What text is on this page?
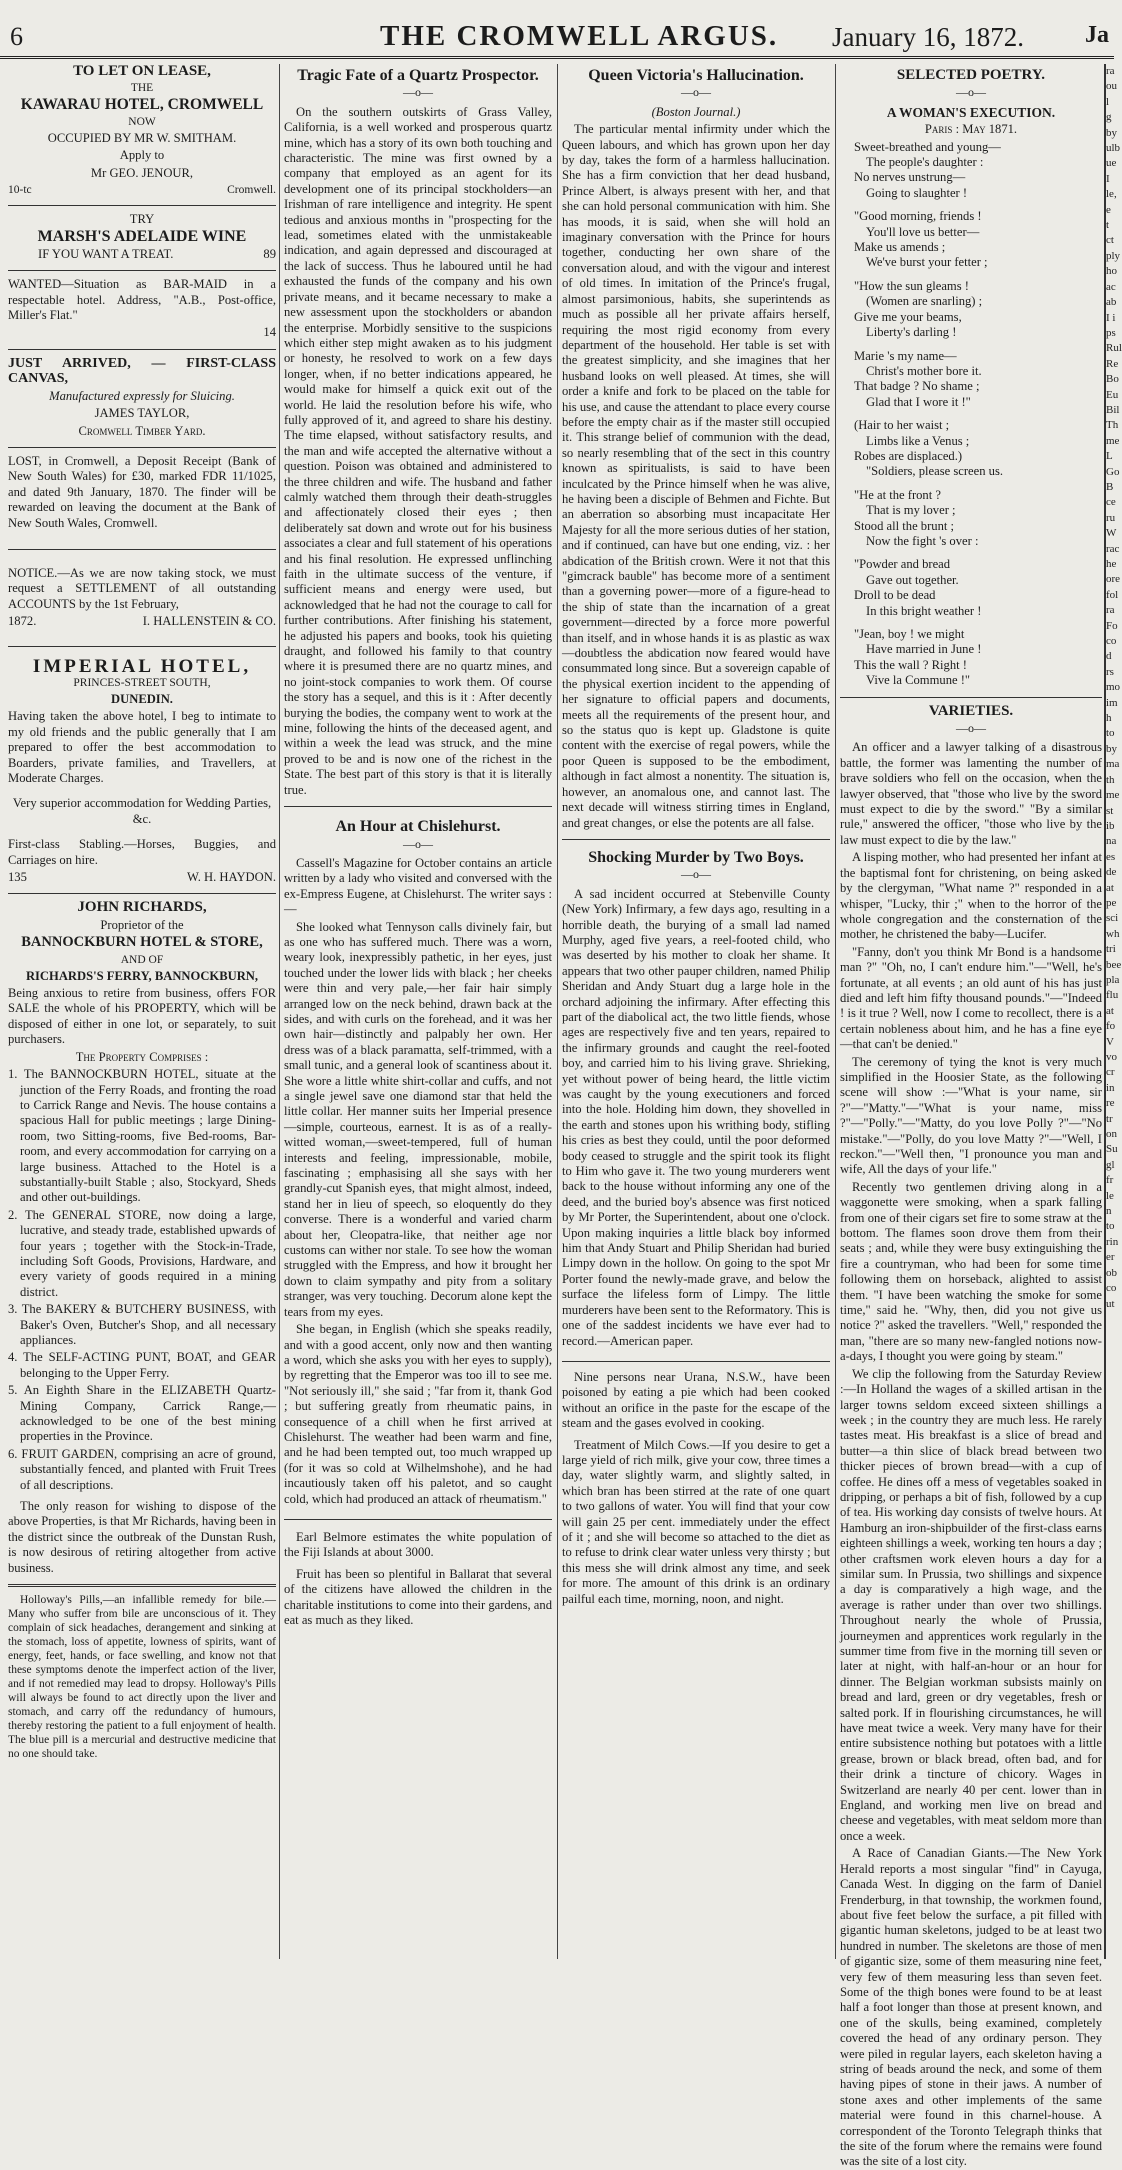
6	THE CROMWELL ARGUS. January 16, 1872.	Ja

TO LET ON LEASE,

THE

KAWARAU HOTEL, CROMWELL

NOW

OCCUPIED BY MR W. SMITHAM.

Apply to

Mr GEO. JENOUR,

10-tc	Cromwell.

TRY

MARSH'S ADELAIDE WINE

IF YOU WANT A TREAT.	89

WANTED—Situation as BAR-MAID in a respectable hotel. Address, "A.B., Post-office, Miller's Flat."

14

JUST ARRIVED, — FIRST-CLASS CANVAS,

Manufactured expressly for Sluicing.

JAMES TAYLOR,

Cromwell Timber Yard.

LOST, in Cromwell, a Deposit Receipt (Bank of New South Wales) for £30, marked FDR 11/1025, and dated 9th January, 1870. The finder will be rewarded on leaving the document at the Bank of New South Wales, Cromwell.

NOTICE.—As we are now taking stock, we must request a SETTLEMENT of all outstanding ACCOUNTS by the 1st February,

1872.	I. HALLENSTEIN & CO.

IMPERIAL HOTEL,

PRINCES-STREET SOUTH,

DUNEDIN.

Having taken the above hotel, I beg to intimate to my old friends and the public generally that I am prepared to offer the best accommodation to Boarders, private families, and Travellers, at Moderate Charges.

Very superior accommodation for Wedding Parties, &c.

First-class Stabling.—Horses, Buggies, and Carriages on hire.

135	W. H. HAYDON.

JOHN RICHARDS,

Proprietor of the

BANNOCKBURN HOTEL & STORE,

AND OF

RICHARDS'S FERRY, BANNOCKBURN,

Being anxious to retire from business, offers FOR SALE the whole of his PROPERTY, which will be disposed of either in one lot, or separately, to suit purchasers.

The Property Comprises :

1. The BANNOCKBURN HOTEL, situate at the junction of the Ferry Roads, and fronting the road to Carrick Range and Nevis. The house contains a spacious Hall for public meetings ; large Dining-room, two Sitting-rooms, five Bed-rooms, Bar-room, and every accommodation for carrying on a large business. Attached to the Hotel is a substantially-built Stable ; also, Stockyard, Sheds and other out-buildings.

2. The GENERAL STORE, now doing a large, lucrative, and steady trade, established upwards of four years ; together with the Stock-in-Trade, including Soft Goods, Provisions, Hardware, and every variety of goods required in a mining district.

3. The BAKERY & BUTCHERY BUSINESS, with Baker's Oven, Butcher's Shop, and all necessary appliances.

4. The SELF-ACTING PUNT, BOAT, and GEAR belonging to the Upper Ferry.

5. An Eighth Share in the ELIZABETH Quartz-Mining Company, Carrick Range,—acknowledged to be one of the best mining properties in the Province.

6. FRUIT GARDEN, comprising an acre of ground, substantially fenced, and planted with Fruit Trees of all descriptions.

The only reason for wishing to dispose of the above Properties, is that Mr Richards, having been in the district since the outbreak of the Dunstan Rush, is now desirous of retiring altogether from active business.

Holloway's Pills,—an infallible remedy for bile.—Many who suffer from bile are unconscious of it. They complain of sick headaches, derangement and sinking at the stomach, loss of appetite, lowness of spirits, want of energy, feet, hands, or face swelling, and know not that these symptoms denote the imperfect action of the liver, and if not remedied may lead to dropsy. Holloway's Pills will always be found to act directly upon the liver and stomach, and carry off the redundancy of humours, thereby restoring the patient to a full enjoyment of health. The blue pill is a mercurial and destructive medicine that no one should take.

Tragic Fate of a Quartz Prospector.

—o—

On the southern outskirts of Grass Valley, California, is a well worked and prosperous quartz mine, which has a story of its own both touching and characteristic. The mine was first owned by a company that employed as an agent for its development one of its principal stockholders—an Irishman of rare intelligence and integrity. He spent tedious and anxious months in "prospecting for the lead, sometimes elated with the unmistakeable indication, and again depressed and discouraged at the lack of success. Thus he laboured until he had exhausted the funds of the company and his own private means, and it became necessary to make a new assessment upon the stockholders or abandon the enterprise. Morbidly sensitive to the suspicions which either step might awaken as to his judgment or honesty, he resolved to work on a few days longer, when, if no better indications appeared, he would make for himself a quick exit out of the world. He laid the resolution before his wife, who fully approved of it, and agreed to share his destiny. The time elapsed, without satisfactory results, and the man and wife accepted the alternative without a question. Poison was obtained and administered to the three children and wife. The husband and father calmly watched them through their death-struggles and affectionately closed their eyes ; then deliberately sat down and wrote out for his business associates a clear and full statement of his operations and his final resolution. He expressed unflinching faith in the ultimate success of the venture, if sufficient means and energy were used, but acknowledged that he had not the courage to call for further contributions. After finishing his statement, he adjusted his papers and books, took his quieting draught, and followed his family to that country where it is presumed there are no quartz mines, and no joint-stock companies to work them. Of course the story has a sequel, and this is it : After decently burying the bodies, the company went to work at the mine, following the hints of the deceased agent, and within a week the lead was struck, and the mine proved to be and is now one of the richest in the State. The best part of this story is that it is literally true.

An Hour at Chislehurst.

—o—

Cassell's Magazine for October contains an article written by a lady who visited and conversed with the ex-Empress Eugene, at Chislehurst. The writer says :—

She looked what Tennyson calls divinely fair, but as one who has suffered much. There was a worn, weary look, inexpressibly pathetic, in her eyes, just touched under the lower lids with black ; her cheeks were thin and very pale,—her fair hair simply arranged low on the neck behind, drawn back at the sides, and with curls on the forehead, and it was her own hair—distinctly and palpably her own. Her dress was of a black paramatta, self-trimmed, with a small tunic, and a general look of scantiness about it. She wore a little white shirt-collar and cuffs, and not a single jewel save one diamond star that held the little collar. Her manner suits her Imperial presence—simple, courteous, earnest. It is as of a really-witted woman,—sweet-tempered, full of human interests and feeling, impressionable, mobile, fascinating ; emphasising all she says with her grandly-cut Spanish eyes, that might almost, indeed, stand her in lieu of speech, so eloquently do they converse. There is a wonderful and varied charm about her, Cleopatra-like, that neither age nor customs can wither nor stale. To see how the woman struggled with the Empress, and how it brought her down to claim sympathy and pity from a solitary stranger, was very touching. Decorum alone kept the tears from my eyes.

She began, in English (which she speaks readily, and with a good accent, only now and then wanting a word, which she asks you with her eyes to supply), by regretting that the Emperor was too ill to see me. "Not seriously ill," she said ; "far from it, thank God ; but suffering greatly from rheumatic pains, in consequence of a chill when he first arrived at Chislehurst. The weather had been warm and fine, and he had been tempted out, too much wrapped up (for it was so cold at Wilhelmshohe), and he had incautiously taken off his paletot, and so caught cold, which had produced an attack of rheumatism."

Earl Belmore estimates the white population of the Fiji Islands at about 3000.

Fruit has been so plentiful in Ballarat that several of the citizens have allowed the children in the charitable institutions to come into their gardens, and eat as much as they liked.

Queen Victoria's Hallucination.

—o—

(Boston Journal.)

The particular mental infirmity under which the Queen labours, and which has grown upon her day by day, takes the form of a harmless hallucination. She has a firm conviction that her dead husband, Prince Albert, is always present with her, and that she can hold personal communication with him. She has moods, it is said, when she will hold an imaginary conversation with the Prince for hours together, conducting her own share of the conversation aloud, and with the vigour and interest of old times. In imitation of the Prince's frugal, almost parsimonious, habits, she superintends as much as possible all her private affairs herself, requiring the most rigid economy from every department of the household. Her table is set with the greatest simplicity, and she imagines that her husband looks on well pleased. At times, she will order a knife and fork to be placed on the table for his use, and cause the attendant to place every course before the empty chair as if the master still occupied it. This strange belief of communion with the dead, so nearly resembling that of the sect in this country known as spiritualists, is said to have been inculcated by the Prince himself when he was alive, he having been a disciple of Behmen and Fichte. But an aberration so absorbing must incapacitate Her Majesty for all the more serious duties of her station, and if continued, can have but one ending, viz. : her abdication of the British crown. Were it not that this "gimcrack bauble" has become more of a sentiment than a governing power—more of a figure-head to the ship of state than the incarnation of a great government—directed by a force more powerful than itself, and in whose hands it is as plastic as wax—doubtless the abdication now feared would have consummated long since. But a sovereign capable of the physical exertion incident to the appending of her signature to official papers and documents, meets all the requirements of the present hour, and so the status quo is kept up. Gladstone is quite content with the exercise of regal powers, while the poor Queen is supposed to be the embodiment, although in fact almost a nonentity. The situation is, however, an anomalous one, and cannot last. The next decade will witness stirring times in England, and great changes, or else the potents are all false.

Shocking Murder by Two Boys.

—o—

A sad incident occurred at Stebenville County (New York) Infirmary, a few days ago, resulting in a horrible death, the burying of a small lad named Murphy, aged five years, a reel-footed child, who was deserted by his mother to cloak her shame. It appears that two other pauper children, named Philip Sheridan and Andy Stuart dug a large hole in the orchard adjoining the infirmary. After effecting this part of the diabolical act, the two little fiends, whose ages are respectively five and ten years, repaired to the infirmary grounds and caught the reel-footed boy, and carried him to his living grave. Shrieking, yet without power of being heard, the little victim was caught by the young executioners and forced into the hole. Holding him down, they shovelled in the earth and stones upon his writhing body, stifling his cries as best they could, until the poor deformed body ceased to struggle and the spirit took its flight to Him who gave it. The two young murderers went back to the house without informing any one of the deed, and the buried boy's absence was first noticed by Mr Porter, the Superintendent, about one o'clock. Upon making inquiries a little black boy informed him that Andy Stuart and Philip Sheridan had buried Limpy down in the hollow. On going to the spot Mr Porter found the newly-made grave, and below the surface the lifeless form of Limpy. The little murderers have been sent to the Reformatory. This is one of the saddest incidents we have ever had to record.—American paper.

Nine persons near Urana, N.S.W., have been poisoned by eating a pie which had been cooked without an orifice in the paste for the escape of the steam and the gases evolved in cooking.

Treatment of Milch Cows.—If you desire to get a large yield of rich milk, give your cow, three times a day, water slightly warm, and slightly salted, in which bran has been stirred at the rate of one quart to two gallons of water. You will find that your cow will gain 25 per cent. immediately under the effect of it ; and she will become so attached to the diet as to refuse to drink clear water unless very thirsty ; but this mess she will drink almost any time, and seek for more. The amount of this drink is an ordinary pailful each time, morning, noon, and night.

SELECTED POETRY.

—o—

A WOMAN'S EXECUTION.

Paris : May 1871.

Sweet-breathed and young—

The people's daughter :

No nerves unstrung—

Going to slaughter !

"Good morning, friends !

You'll love us better—

Make us amends ;

We've burst your fetter ;

"How the sun gleams !

(Women are snarling) ;

Give me your beams,

Liberty's darling !

Marie 's my name—

Christ's mother bore it.

That badge ? No shame ;

Glad that I wore it !"

(Hair to her waist ;

Limbs like a Venus ;

Robes are displaced.)

"Soldiers, please screen us.

"He at the front ?

That is my lover ;

Stood all the brunt ;

Now the fight 's over :

"Powder and bread

Gave out together.

Droll to be dead

In this bright weather !

"Jean, boy ! we might

Have married in June !

This the wall ? Right !

Vive la Commune !"

VARIETIES.

—o—

An officer and a lawyer talking of a disastrous battle, the former was lamenting the number of brave soldiers who fell on the occasion, when the lawyer observed, that "those who live by the sword must expect to die by the sword." "By a similar rule," answered the officer, "those who live by the law must expect to die by the law."

A lisping mother, who had presented her infant at the baptismal font for christening, on being asked by the clergyman, "What name ?" responded in a whisper, "Lucky, thir ;" when to the horror of the whole congregation and the consternation of the mother, he christened the baby—Lucifer.

"Fanny, don't you think Mr Bond is a handsome man ?" "Oh, no, I can't endure him."—"Well, he's fortunate, at all events ; an old aunt of his has just died and left him fifty thousand pounds."—"Indeed ! is it true ? Well, now I come to recollect, there is a certain nobleness about him, and he has a fine eye—that can't be denied."

The ceremony of tying the knot is very much simplified in the Hoosier State, as the following scene will show :—"What is your name, sir ?"—"Matty."—"What is your name, miss ?"—"Polly."—"Matty, do you love Polly ?"—"No mistake."—"Polly, do you love Matty ?"—"Well, I reckon."—"Well then, "I pronounce you man and wife, All the days of your life."

Recently two gentlemen driving along in a waggonette were smoking, when a spark falling from one of their cigars set fire to some straw at the bottom. The flames soon drove them from their seats ; and, while they were busy extinguishing the fire a countryman, who had been for some time following them on horseback, alighted to assist them. "I have been watching the smoke for some time," said he. "Why, then, did you not give us notice ?" asked the travellers. "Well," responded the man, "there are so many new-fangled notions now-a-days, I thought you were going by steam."

We clip the following from the Saturday Review :—In Holland the wages of a skilled artisan in the larger towns seldom exceed sixteen shillings a week ; in the country they are much less. He rarely tastes meat. His breakfast is a slice of bread and butter—a thin slice of black bread between two thicker pieces of brown bread—with a cup of coffee. He dines off a mess of vegetables soaked in dripping, or perhaps a bit of fish, followed by a cup of tea. His working day consists of twelve hours. At Hamburg an iron-shipbuilder of the first-class earns eighteen shillings a week, working ten hours a day ; other craftsmen work eleven hours a day for a similar sum. In Prussia, two shillings and sixpence a day is comparatively a high wage, and the average is rather under than over two shillings. Throughout nearly the whole of Prussia, journeymen and apprentices work regularly in the summer time from five in the morning till seven or later at night, with half-an-hour or an hour for dinner. The Belgian workman subsists mainly on bread and lard, green or dry vegetables, fresh or salted pork. If in flourishing circumstances, he will have meat twice a week. Very many have for their entire subsistence nothing but potatoes with a little grease, brown or black bread, often bad, and for their drink a tincture of chicory. Wages in Switzerland are nearly 40 per cent. lower than in England, and working men live on bread and cheese and vegetables, with meat seldom more than once a week.

A Race of Canadian Giants.—The New York Herald reports a most singular "find" in Cayuga, Canada West. In digging on the farm of Daniel Frenderburg, in that township, the workmen found, about five feet below the surface, a pit filled with gigantic human skeletons, judged to be at least two hundred in number. The skeletons are those of men of gigantic size, some of them measuring nine feet, very few of them measuring less than seven feet. Some of the thigh bones were found to be at least half a foot longer than those at present known, and one of the skulls, being examined, completely covered the head of any ordinary person. They were piled in regular layers, each skeleton having a string of beads around the neck, and some of them having pipes of stone in their jaws. A number of stone axes and other implements of the same material were found in this charnel-house. A correspondent of the Toronto Telegraph thinks that the site of the forum where the remains were found was the site of a lost city.

ra
ou
l g
by
ulb
ue
I
le,
e t
ct
ply
ho
ac
ab
I i
ps
Rul
Re
Bo
Eu
Bil
Th
me
L
Go
B
ce
ru
W
rac
he
ore
fol
ra
Fo
co
d
rs
mo
im
h
to
by
ma
th
me
st
ib
na
es
de
at
pe
sci
wh
tri
bee
pla
flu
at
fo
V
vo
cr
in
re
tr
on
Su
gl
fr
le
n
to
rin
er
ob
co
ut
